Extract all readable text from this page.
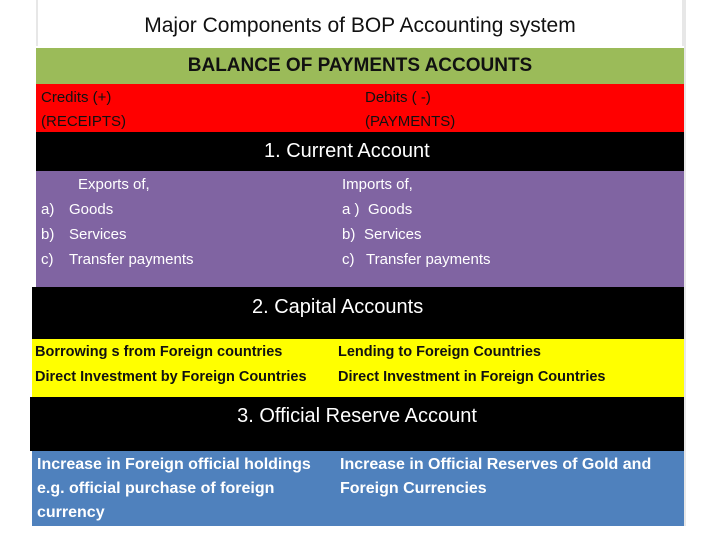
Major Components of BOP Accounting system
BALANCE OF PAYMENTS ACCOUNTS
Credits (+)
(RECEIPTS)
Debits ( -)
(PAYMENTS)
1. Current Account
Exports of,
a) Goods
b) Services
c) Transfer payments
Imports of,
a ) Goods
b) Services
c) Transfer payments
2. Capital Accounts
Borrowing s from Foreign countries
Direct Investment by Foreign Countries
Lending to Foreign Countries
Direct Investment in Foreign Countries
3. Official Reserve Account
Increase in Foreign official holdings e.g. official purchase of foreign currency
Increase in Official Reserves of Gold and Foreign Currencies
